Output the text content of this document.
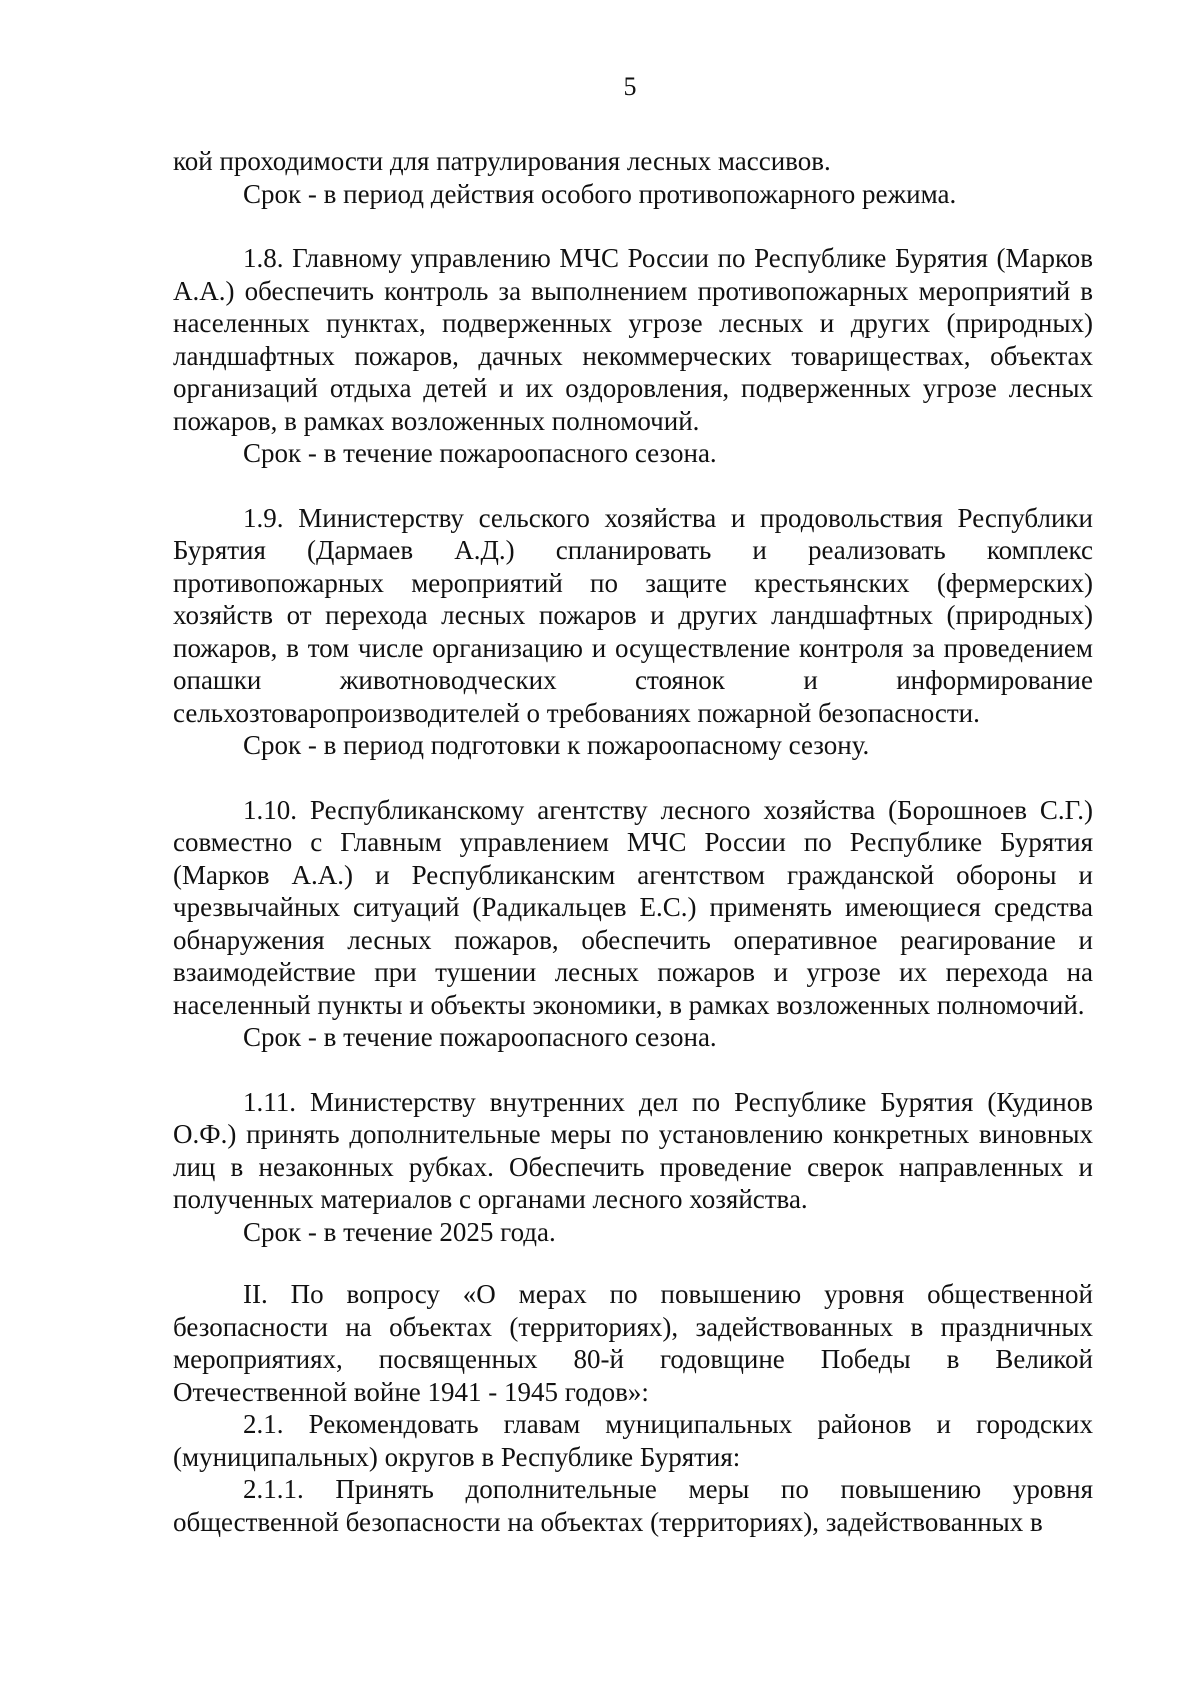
5

кой проходимости для патрулирования лесных массивов.

Срок - в период действия особого противопожарного режима.

1.8. Главному управлению МЧС России по Республике Бурятия (Марков А.А.) обеспечить контроль за выполнением противопожарных мероприятий в населенных пунктах, подверженных угрозе лесных и других (природных) ландшафтных пожаров, дачных некоммерческих товариществах, объектах организаций отдыха детей и их оздоровления, подверженных угрозе лесных пожаров, в рамках возложенных полномочий.

Срок - в течение пожароопасного сезона.

1.9. Министерству сельского хозяйства и продовольствия Республики Бурятия (Дармаев А.Д.) спланировать и реализовать комплекс противопожарных мероприятий по защите крестьянских (фермерских) хозяйств от перехода лесных пожаров и других ландшафтных (природных) пожаров, в том числе организацию и осуществление контроля за проведением опашки животноводческих стоянок и информирование сельхозтоваропроизводителей о требованиях пожарной безопасности.

Срок - в период подготовки к пожароопасному сезону.

1.10. Республиканскому агентству лесного хозяйства (Борошноев С.Г.) совместно с Главным управлением МЧС России по Республике Бурятия (Марков А.А.) и Республиканским агентством гражданской обороны и чрезвычайных ситуаций (Радикальцев Е.С.) применять имеющиеся средства обнаружения лесных пожаров, обеспечить оперативное реагирование и взаимодействие при тушении лесных пожаров и угрозе их перехода на населенный пункты и объекты экономики, в рамках возложенных полномочий.

Срок - в течение пожароопасного сезона.

1.11. Министерству внутренних дел по Республике Бурятия (Кудинов О.Ф.) принять дополнительные меры по установлению конкретных виновных лиц в незаконных рубках. Обеспечить проведение сверок направленных и полученных материалов с органами лесного хозяйства.

Срок - в течение 2025 года.

II. По вопросу «О мерах по повышению уровня общественной безопасности на объектах (территориях), задействованных в праздничных мероприятиях, посвященных 80-й годовщине Победы в Великой Отечественной войне 1941 - 1945 годов»:

2.1. Рекомендовать главам муниципальных районов и городских (муниципальных) округов в Республике Бурятия:

2.1.1. Принять дополнительные меры по повышению уровня общественной безопасности на объектах (территориях), задействованных в
